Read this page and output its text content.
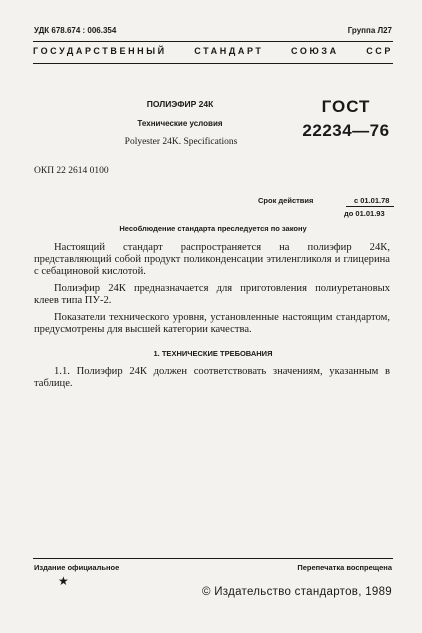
УДК 678.674 : 006.354	Группа Л27
ГОСУДАРСТВЕННЫЙ	СТАНДАРТ	СОЮЗА	ССР
ПОЛИЭФИР 24К
Технические условия
Polyester 24K. Specifications
ГОСТ
22234—76
ОКП 22 2614 0100
Срок действия	с 01.01.78
до 01.01.93
Несоблюдение стандарта преследуется по закону

Настоящий стандарт распространяется на полиэфир 24К, представляющий собой продукт поликонденсации этиленгликоля и глицерина с себациновой кислотой.

Полиэфир 24К предназначается для приготовления полиуретановых клеев типа ПУ-2.

Показатели технического уровня, установленные настоящим стандартом, предусмотрены для высшей категории качества.

1. ТЕХНИЧЕСКИЕ ТРЕБОВАНИЯ

1.1. Полиэфир 24К должен соответствовать значениям, указанным в таблице.

Издание официальное
★
Перепечатка воспрещена
© Издательство стандартов, 1989
